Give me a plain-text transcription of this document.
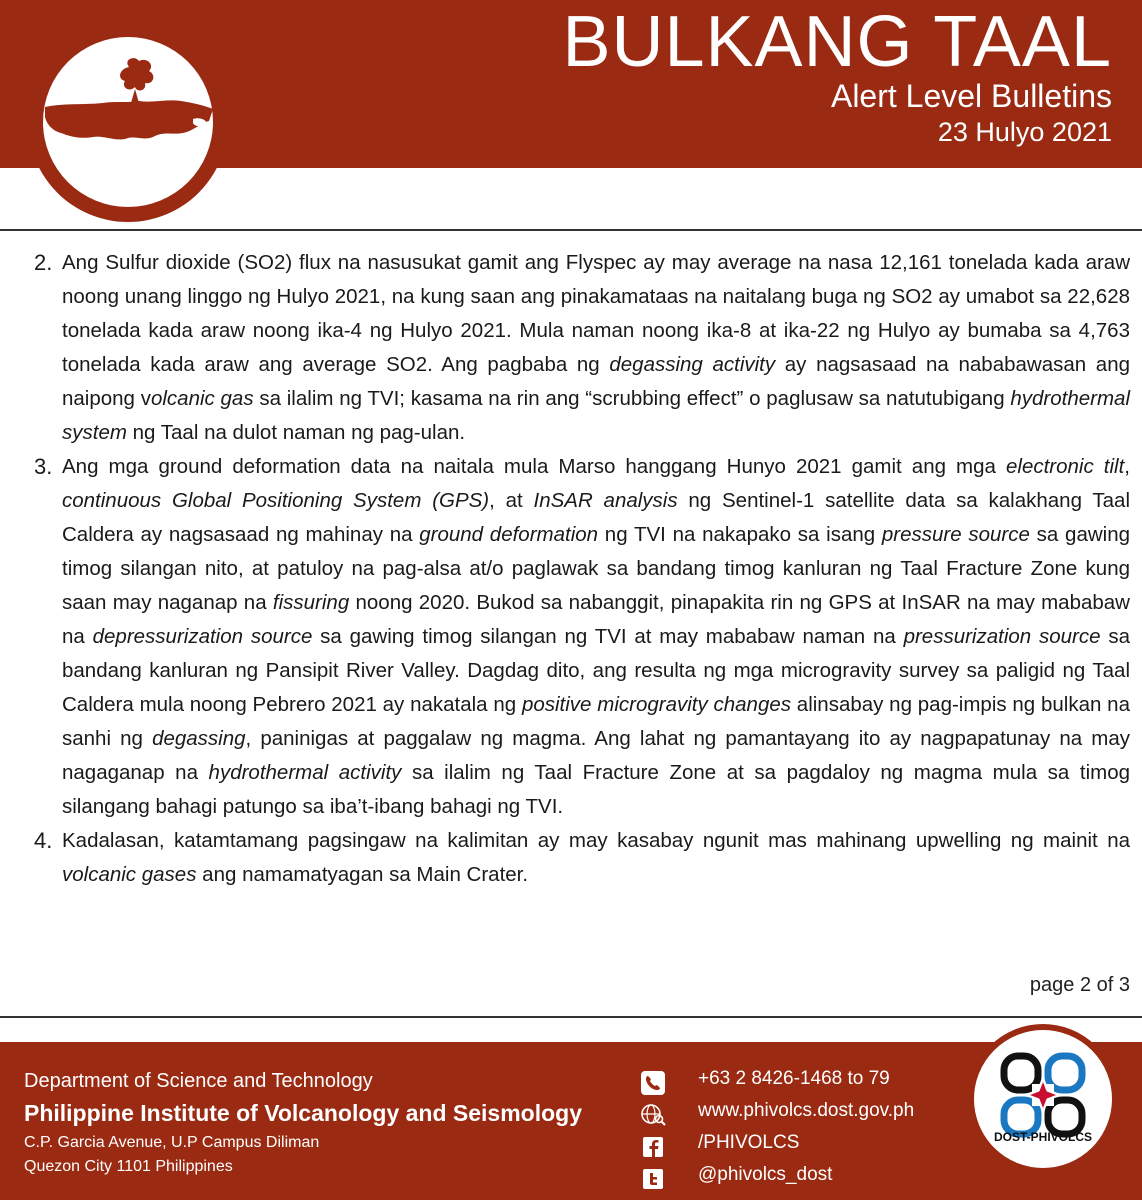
BULKANG TAAL
Alert Level Bulletins
23 Hulyo 2021
2. Ang Sulfur dioxide (SO2) flux na nasusukat gamit ang Flyspec ay may average na nasa 12,161 tonelada kada araw noong unang linggo ng Hulyo 2021, na kung saan ang pinakamataas na naitalang buga ng SO2 ay umabot sa 22,628 tonelada kada araw noong ika-4 ng Hulyo 2021. Mula naman noong ika-8 at ika-22 ng Hulyo ay bumaba sa 4,763 tonelada kada araw ang average SO2. Ang pagbaba ng degassing activity ay nagsasaad na nababawasan ang naipong volcanic gas sa ilalim ng TVI; kasama na rin ang “scrubbing effect” o paglusaw sa natutubigang hydrothermal system ng Taal na dulot naman ng pag-ulan.
3. Ang mga ground deformation data na naitala mula Marso hanggang Hunyo 2021 gamit ang mga electronic tilt, continuous Global Positioning System (GPS), at InSAR analysis ng Sentinel-1 satellite data sa kalakhang Taal Caldera ay nagsasaad ng mahinay na ground deformation ng TVI na nakapako sa isang pressure source sa gawing timog silangan nito, at patuloy na pag-alsa at/o paglawak sa bandang timog kanluran ng Taal Fracture Zone kung saan may naganap na fissuring noong 2020. Bukod sa nabanggit, pinapakita rin ng GPS at InSAR na may mababaw na depressurization source sa gawing timog silangan ng TVI at may mababaw naman na pressurization source sa bandang kanluran ng Pansipit River Valley. Dagdag dito, ang resulta ng mga microgravity survey sa paligid ng Taal Caldera mula noong Pebrero 2021 ay nakatala ng positive microgravity changes alinsabay ng pag-impis ng bulkan na sanhi ng degassing, paninigas at paggalaw ng magma. Ang lahat ng pamantayang ito ay nagpapatunay na may nagaganap na hydrothermal activity sa ilalim ng Taal Fracture Zone at sa pagdaloy ng magma mula sa timog silangang bahagi patungo sa iba’t-ibang bahagi ng TVI.
4. Kadalasan, katamtamang pagsingaw na kalimitan ay may kasabay ngunit mas mahinang upwelling ng mainit na volcanic gases ang namamatyagan sa Main Crater.
page 2 of 3
Department of Science and Technology
Philippine Institute of Volcanology and Seismology
C.P. Garcia Avenue, U.P Campus Diliman
Quezon City 1101 Philippines
+63 2 8426-1468 to 79
www.phivolcs.dost.gov.ph
/PHIVOLCS
@phivolcs_dost
DOST-PHIVOLCS
